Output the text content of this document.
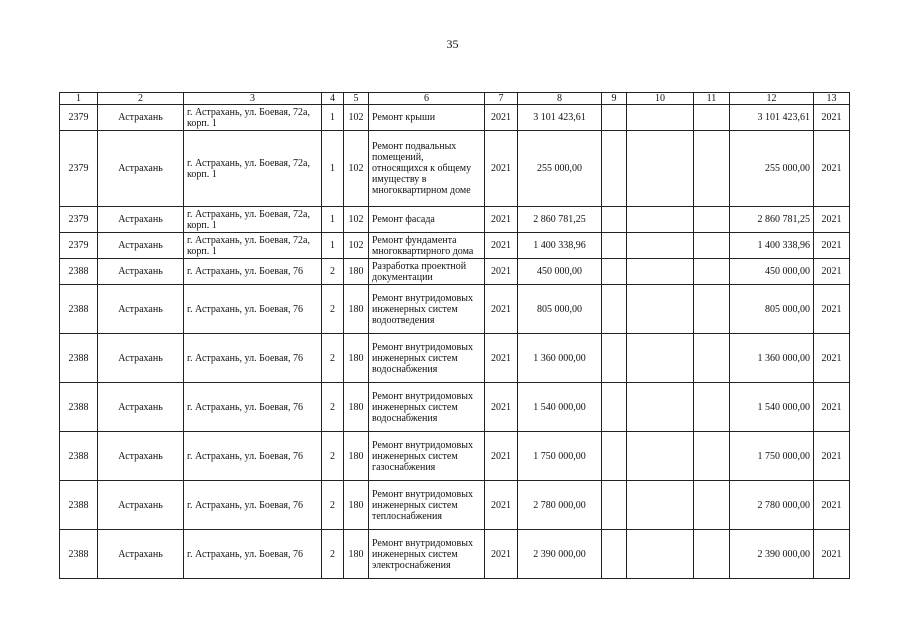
35
1	2	3	4	5	6	7	8	9	10	11	12	13
2379	Астрахань	г. Астрахань, ул. Боевая, 72а, корп. 1	1	102	Ремонт крыши	2021	3 101 423,61				3 101 423,61	2021
2379	Астрахань	г. Астрахань, ул. Боевая, 72а, корп. 1	1	102	Ремонт подвальных помещений, относящихся к общему имуществу в многоквартирном доме	2021	255 000,00				255 000,00	2021
2379	Астрахань	г. Астрахань, ул. Боевая, 72а, корп. 1	1	102	Ремонт фасада	2021	2 860 781,25				2 860 781,25	2021
2379	Астрахань	г. Астрахань, ул. Боевая, 72а, корп. 1	1	102	Ремонт фундамента многоквартирного дома	2021	1 400 338,96				1 400 338,96	2021
2388	Астрахань	г. Астрахань, ул. Боевая, 76	2	180	Разработка проектной документации	2021	450 000,00				450 000,00	2021
2388	Астрахань	г. Астрахань, ул. Боевая, 76	2	180	Ремонт внутридомовых инженерных систем водоотведения	2021	805 000,00				805 000,00	2021
2388	Астрахань	г. Астрахань, ул. Боевая, 76	2	180	Ремонт внутридомовых инженерных систем водоснабжения	2021	1 360 000,00				1 360 000,00	2021
2388	Астрахань	г. Астрахань, ул. Боевая, 76	2	180	Ремонт внутридомовых инженерных систем водоснабжения	2021	1 540 000,00				1 540 000,00	2021
2388	Астрахань	г. Астрахань, ул. Боевая, 76	2	180	Ремонт внутридомовых инженерных систем газоснабжения	2021	1 750 000,00				1 750 000,00	2021
2388	Астрахань	г. Астрахань, ул. Боевая, 76	2	180	Ремонт внутридомовых инженерных систем теплоснабжения	2021	2 780 000,00				2 780 000,00	2021
2388	Астрахань	г. Астрахань, ул. Боевая, 76	2	180	Ремонт внутридомовых инженерных систем электроснабжения	2021	2 390 000,00				2 390 000,00	2021
